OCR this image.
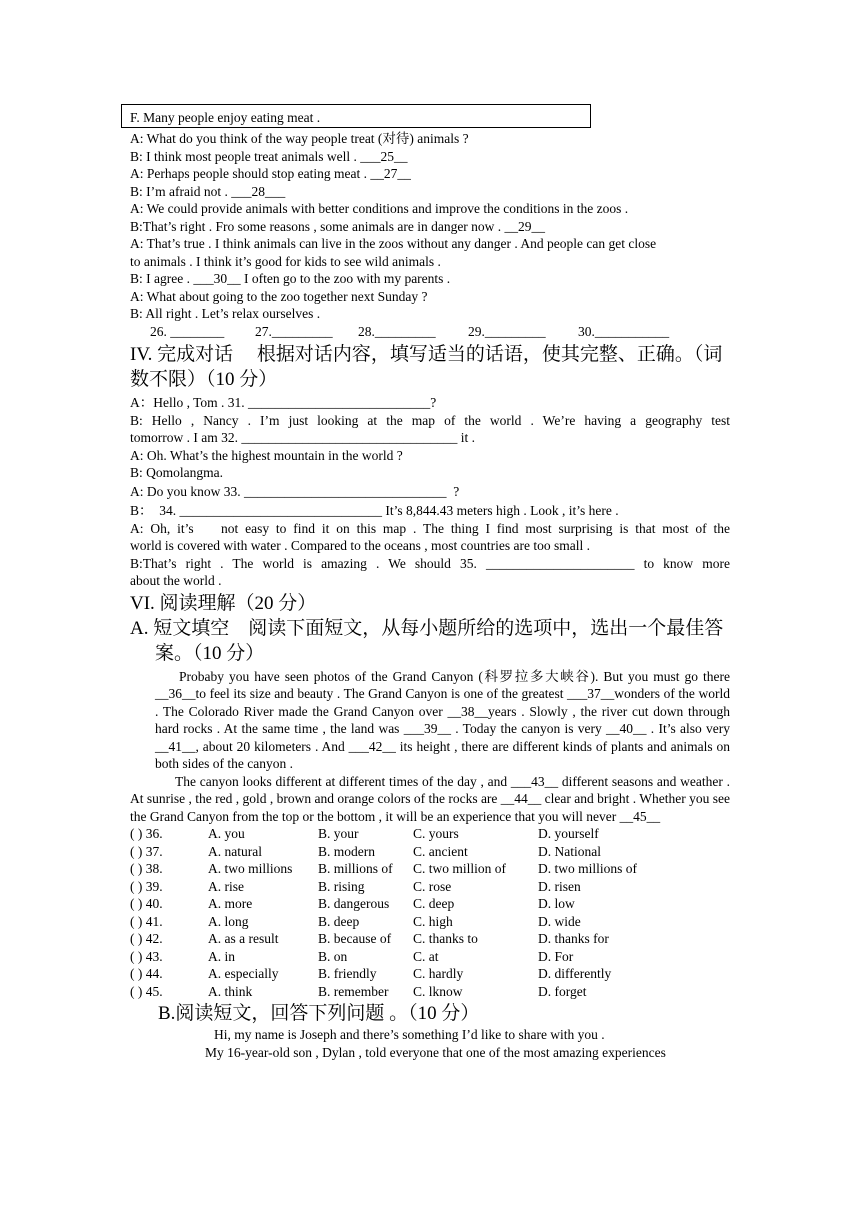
F. Many people enjoy eating meat .
A: What do you think of the way people treat (对待) animals ?
B: I think most people treat animals well . ___25__
A: Perhaps people should stop eating meat . __27__
B: I’m afraid not . ___28___
A: We could provide animals with better conditions and improve the conditions in the zoos .
B:That’s right . Fro some reasons , some animals are in danger now . __29__
A: That’s true . I think animals can live in the zoos without any danger . And people can get close
to animals . I think it’s good for kids to see wild animals .
B: I agree . ___30__ I often go to the zoo with my parents .
A: What about going to the zoo together next Sunday ?
B: All right . Let’s relax ourselves .
26. ________	27._________	28._________	29._________	30.___________
IV. 完成对话　 根据对话内容，填写适当的话语，使其完整、正确。（词数不限）（10 分）
A：Hello , Tom . 31. ___________________________?
B: Hello , Nancy . I’m just looking at the map of the world . We’re having a geography test
tomorrow . I am 32. ________________________________ it .
A: Oh. What’s the highest mountain in the world ?
B: Qomolangma.
A: Do you know 33. ______________________________  ?
B：  34. ______________________________ It’s 8,844.43 meters high . Look , it’s here .
A: Oh, it’s    not easy to find it on this map . The thing I find most surprising is that most of the
world is covered with water . Compared to the oceans , most countries are too small .
B:That’s right . The world is amazing . We should 35. ______________________ to know more
about the world .
VI. 阅读理解（20 分）
A. 短文填空　阅读下面短文，从每小题所给的选项中，选出一个最佳答案。（10 分）
Probaby you have seen photos of the Grand Canyon (科罗拉多大峡谷). But you must go there __36__to feel its size and beauty . The Grand Canyon is one of the greatest ___37__wonders of the world . The Colorado River made the Grand Canyon over __38__years . Slowly , the river cut down through hard rocks . At the same time , the land was ___39__ . Today the canyon is very __40__ . It’s also very __41__, about 20 kilometers . And ___42__ its height , there are different kinds of plants and animals on both sides of the canyon .
The canyon looks different at different times of the day , and ___43__ different seasons and weather . At sunrise , the red , gold , brown and orange colors of the rocks are __44__ clear and bright . Whether you see the Grand Canyon from the top or the bottom , it will be an experience that you will never __45__
( ) 36.	A. you	B. your	C. yours	D. yourself
( ) 37.	A. natural	B. modern	C. ancient	D. National
( ) 38.	A. two millions	B. millions of	C. two million of	D. two millions of
( ) 39.	A. rise	B. rising	C. rose	D. risen
( ) 40.	A. more	B. dangerous	C. deep	D. low
( ) 41.	A. long	B. deep	C. high	D. wide
( ) 42.	A. as a result	B. because of	C. thanks to	D. thanks for
( ) 43.	A. in	B. on	C. at	D. For
( ) 44.	A. especially	B. friendly	C. hardly	D. differently
( ) 45.	A. think	B. remember	C. lknow	D. forget
B.阅读短文，回答下列问题 。（10 分）
Hi, my name is Joseph and there’s something I’d like to share with you .
My 16-year-old son , Dylan , told everyone that one of the most amazing experiences
